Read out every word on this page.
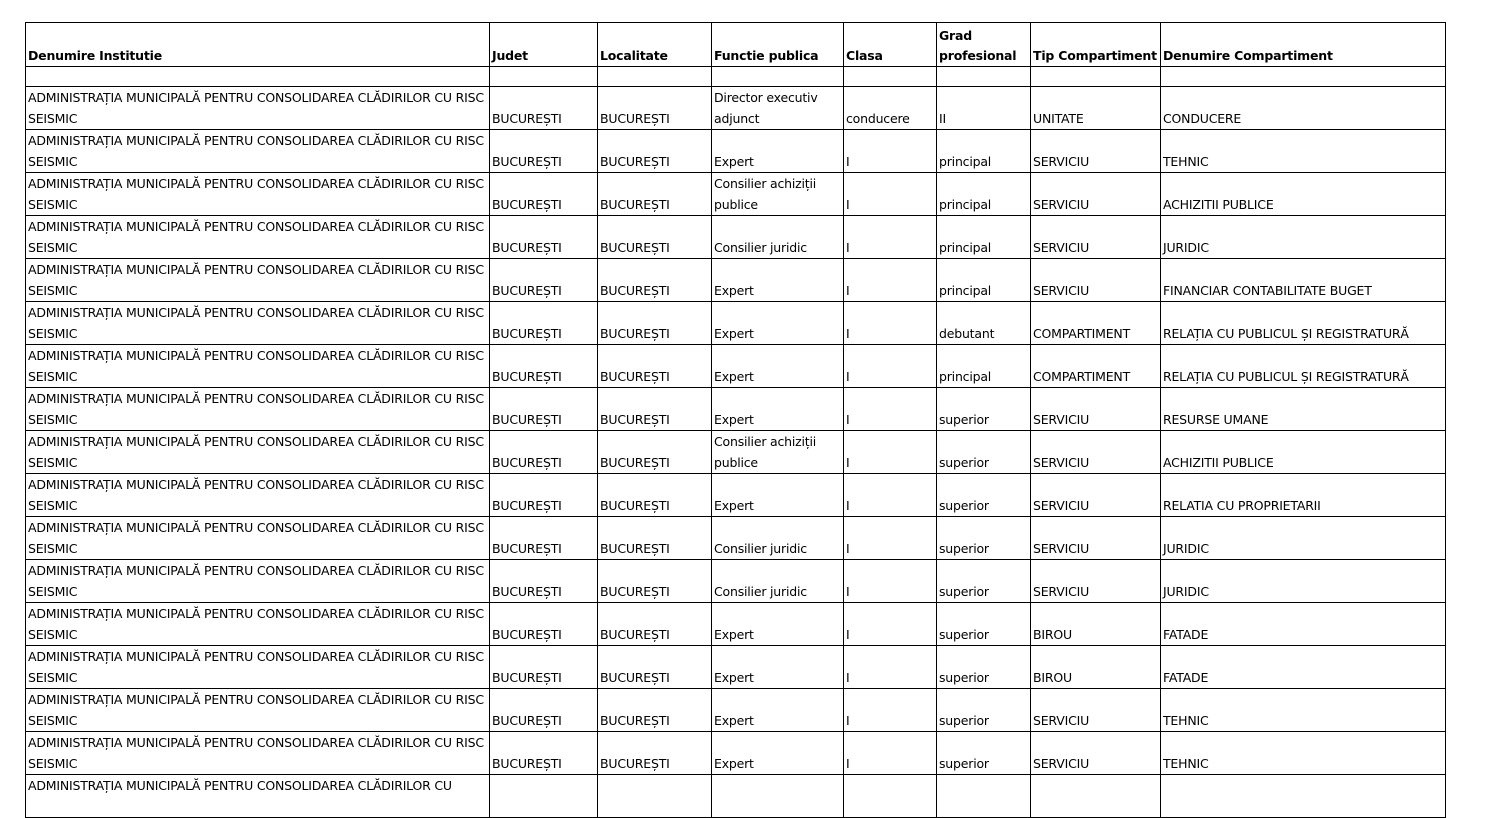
Denumire Institutie	Judet	Localitate	Functie publica	Clasa	Grad profesional	Tip Compartiment	Denumire Compartiment

ADMINISTRAȚIA MUNICIPALĂ PENTRU CONSOLIDAREA CLĂDIRILOR CU RISC SEISMIC	BUCUREȘTI	BUCUREȘTI	Director executiv adjunct	conducere	II	UNITATE	CONDUCERE
ADMINISTRAȚIA MUNICIPALĂ PENTRU CONSOLIDAREA CLĂDIRILOR CU RISC SEISMIC	BUCUREȘTI	BUCUREȘTI	Expert	I	principal	SERVICIU	TEHNIC
ADMINISTRAȚIA MUNICIPALĂ PENTRU CONSOLIDAREA CLĂDIRILOR CU RISC SEISMIC	BUCUREȘTI	BUCUREȘTI	Consilier achiziții publice	I	principal	SERVICIU	ACHIZITII PUBLICE
ADMINISTRAȚIA MUNICIPALĂ PENTRU CONSOLIDAREA CLĂDIRILOR CU RISC SEISMIC	BUCUREȘTI	BUCUREȘTI	Consilier juridic	I	principal	SERVICIU	JURIDIC
ADMINISTRAȚIA MUNICIPALĂ PENTRU CONSOLIDAREA CLĂDIRILOR CU RISC SEISMIC	BUCUREȘTI	BUCUREȘTI	Expert	I	principal	SERVICIU	FINANCIAR CONTABILITATE BUGET
ADMINISTRAȚIA MUNICIPALĂ PENTRU CONSOLIDAREA CLĂDIRILOR CU RISC SEISMIC	BUCUREȘTI	BUCUREȘTI	Expert	I	debutant	COMPARTIMENT	RELAȚIA CU PUBLICUL ȘI REGISTRATURĂ
ADMINISTRAȚIA MUNICIPALĂ PENTRU CONSOLIDAREA CLĂDIRILOR CU RISC SEISMIC	BUCUREȘTI	BUCUREȘTI	Expert	I	principal	COMPARTIMENT	RELAȚIA CU PUBLICUL ȘI REGISTRATURĂ
ADMINISTRAȚIA MUNICIPALĂ PENTRU CONSOLIDAREA CLĂDIRILOR CU RISC SEISMIC	BUCUREȘTI	BUCUREȘTI	Expert	I	superior	SERVICIU	RESURSE UMANE
ADMINISTRAȚIA MUNICIPALĂ PENTRU CONSOLIDAREA CLĂDIRILOR CU RISC SEISMIC	BUCUREȘTI	BUCUREȘTI	Consilier achiziții publice	I	superior	SERVICIU	ACHIZITII PUBLICE
ADMINISTRAȚIA MUNICIPALĂ PENTRU CONSOLIDAREA CLĂDIRILOR CU RISC SEISMIC	BUCUREȘTI	BUCUREȘTI	Expert	I	superior	SERVICIU	RELATIA CU PROPRIETARII
ADMINISTRAȚIA MUNICIPALĂ PENTRU CONSOLIDAREA CLĂDIRILOR CU RISC SEISMIC	BUCUREȘTI	BUCUREȘTI	Consilier juridic	I	superior	SERVICIU	JURIDIC
ADMINISTRAȚIA MUNICIPALĂ PENTRU CONSOLIDAREA CLĂDIRILOR CU RISC SEISMIC	BUCUREȘTI	BUCUREȘTI	Consilier juridic	I	superior	SERVICIU	JURIDIC
ADMINISTRAȚIA MUNICIPALĂ PENTRU CONSOLIDAREA CLĂDIRILOR CU RISC SEISMIC	BUCUREȘTI	BUCUREȘTI	Expert	I	superior	BIROU	FATADE
ADMINISTRAȚIA MUNICIPALĂ PENTRU CONSOLIDAREA CLĂDIRILOR CU RISC SEISMIC	BUCUREȘTI	BUCUREȘTI	Expert	I	superior	BIROU	FATADE
ADMINISTRAȚIA MUNICIPALĂ PENTRU CONSOLIDAREA CLĂDIRILOR CU RISC SEISMIC	BUCUREȘTI	BUCUREȘTI	Expert	I	superior	SERVICIU	TEHNIC
ADMINISTRAȚIA MUNICIPALĂ PENTRU CONSOLIDAREA CLĂDIRILOR CU RISC SEISMIC	BUCUREȘTI	BUCUREȘTI	Expert	I	superior	SERVICIU	TEHNIC
ADMINISTRAȚIA MUNICIPALĂ PENTRU CONSOLIDAREA CLĂDIRILOR CU							
